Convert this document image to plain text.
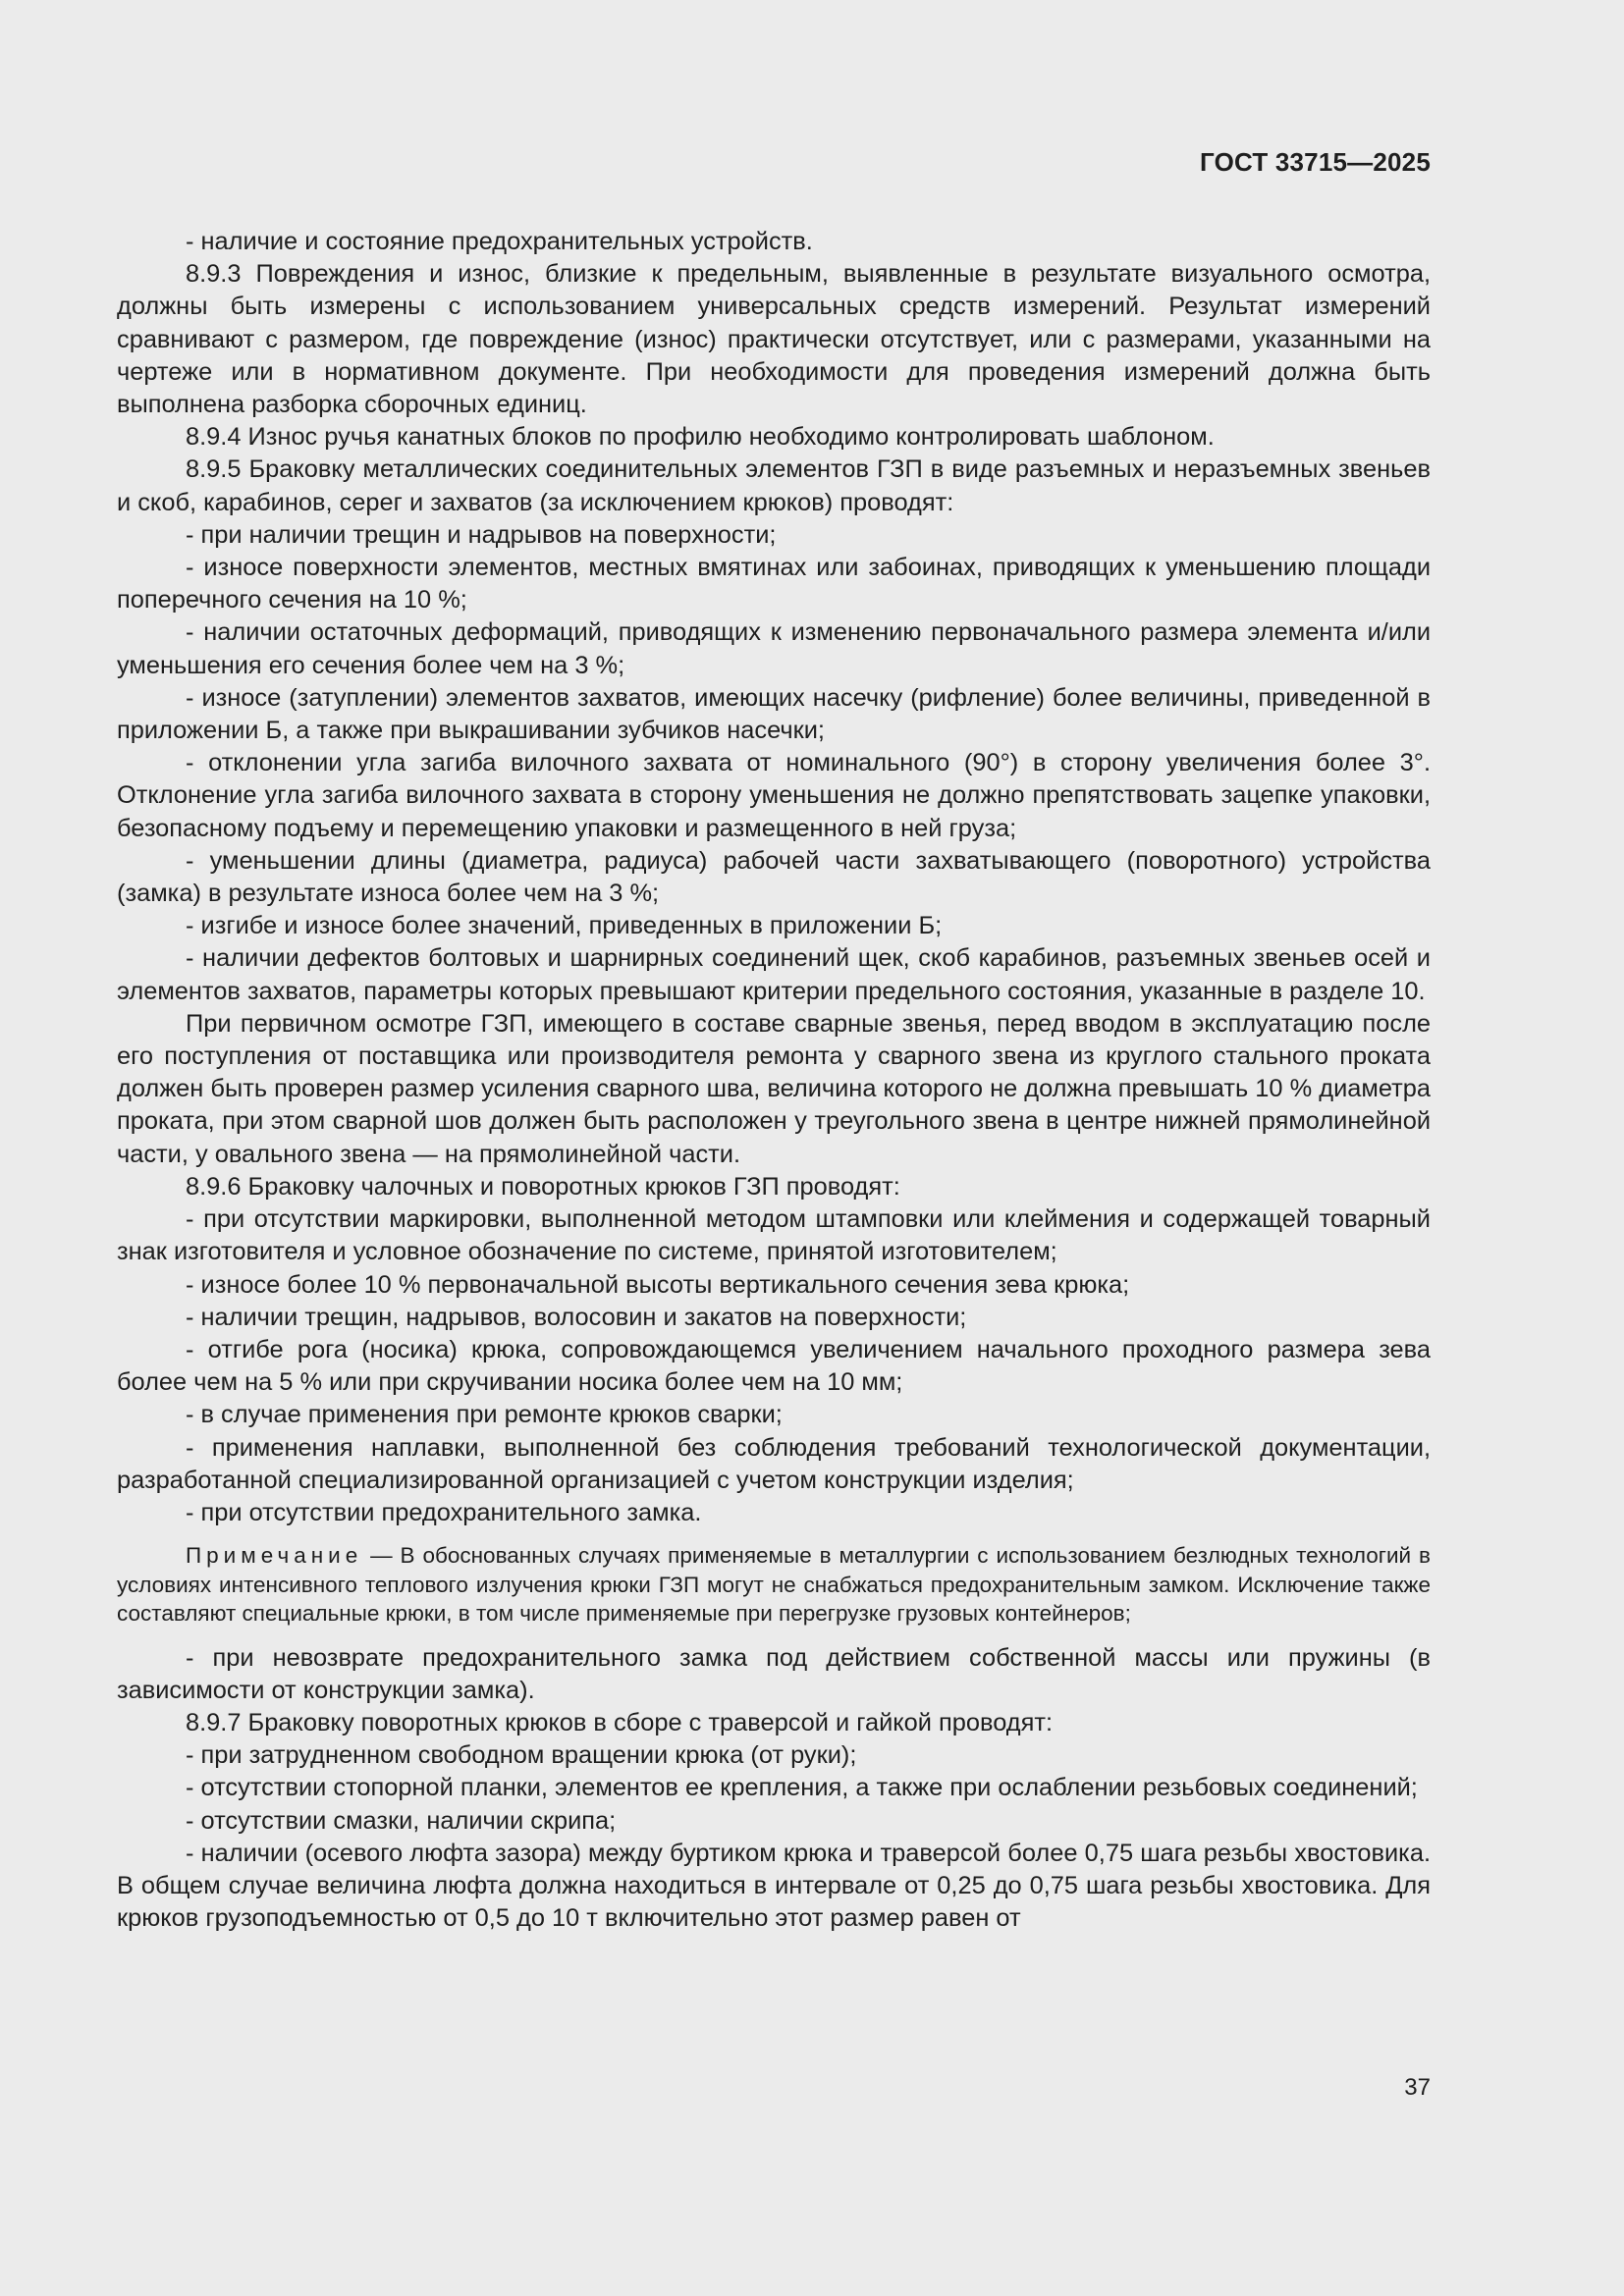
ГОСТ 33715—2025

- наличие и состояние предохранительных устройств.

8.9.3 Повреждения и износ, близкие к предельным, выявленные в результате визуального осмотра, должны быть измерены с использованием универсальных средств измерений. Результат измерений сравнивают с размером, где повреждение (износ) практически отсутствует, или с размерами, указанными на чертеже или в нормативном документе. При необходимости для проведения измерений должна быть выполнена разборка сборочных единиц.

8.9.4 Износ ручья канатных блоков по профилю необходимо контролировать шаблоном.

8.9.5 Браковку металлических соединительных элементов ГЗП в виде разъемных и неразъемных звеньев и скоб, карабинов, серег и захватов (за исключением крюков) проводят:

- при наличии трещин и надрывов на поверхности;

- износе поверхности элементов, местных вмятинах или забоинах, приводящих к уменьшению площади поперечного сечения на 10 %;

- наличии остаточных деформаций, приводящих к изменению первоначального размера элемента и/или уменьшения его сечения более чем на 3 %;

- износе (затуплении) элементов захватов, имеющих насечку (рифление) более величины, приведенной в приложении Б, а также при выкрашивании зубчиков насечки;

- отклонении угла загиба вилочного захвата от номинального (90°) в сторону увеличения более 3°. Отклонение угла загиба вилочного захвата в сторону уменьшения не должно препятствовать зацепке упаковки, безопасному подъему и перемещению упаковки и размещенного в ней груза;

- уменьшении длины (диаметра, радиуса) рабочей части захватывающего (поворотного) устройства (замка) в результате износа более чем на 3 %;

- изгибе и износе более значений, приведенных в приложении Б;

- наличии дефектов болтовых и шарнирных соединений щек, скоб карабинов, разъемных звеньев осей и элементов захватов, параметры которых превышают критерии предельного состояния, указанные в разделе 10.

При первичном осмотре ГЗП, имеющего в составе сварные звенья, перед вводом в эксплуатацию после его поступления от поставщика или производителя ремонта у сварного звена из круглого стального проката должен быть проверен размер усиления сварного шва, величина которого не должна превышать 10 % диаметра проката, при этом сварной шов должен быть расположен у треугольного звена в центре нижней прямолинейной части, у овального звена — на прямолинейной части.

8.9.6 Браковку чалочных и поворотных крюков ГЗП проводят:

- при отсутствии маркировки, выполненной методом штамповки или клеймения и содержащей товарный знак изготовителя и условное обозначение по системе, принятой изготовителем;

- износе более 10 % первоначальной высоты вертикального сечения зева крюка;

- наличии трещин, надрывов, волосовин и закатов на поверхности;

- отгибе рога (носика) крюка, сопровождающемся увеличением начального проходного размера зева более чем на 5 % или при скручивании носика более чем на 10 мм;

- в случае применения при ремонте крюков сварки;

- применения наплавки, выполненной без соблюдения требований технологической документации, разработанной специализированной организацией с учетом конструкции изделия;

- при отсутствии предохранительного замка.

Примечание — В обоснованных случаях применяемые в металлургии с использованием безлюдных технологий в условиях интенсивного теплового излучения крюки ГЗП могут не снабжаться предохранительным замком. Исключение также составляют специальные крюки, в том числе применяемые при перегрузке грузовых контейнеров;

- при невозврате предохранительного замка под действием собственной массы или пружины (в зависимости от конструкции замка).

8.9.7 Браковку поворотных крюков в сборе с траверсой и гайкой проводят:

- при затрудненном свободном вращении крюка (от руки);

- отсутствии стопорной планки, элементов ее крепления, а также при ослаблении резьбовых соединений;

- отсутствии смазки, наличии скрипа;

- наличии (осевого люфта зазора) между буртиком крюка и траверсой более 0,75 шага резьбы хвостовика. В общем случае величина люфта должна находиться в интервале от 0,25 до 0,75 шага резьбы хвостовика. Для крюков грузоподъемностью от 0,5 до 10 т включительно этот размер равен от

37
